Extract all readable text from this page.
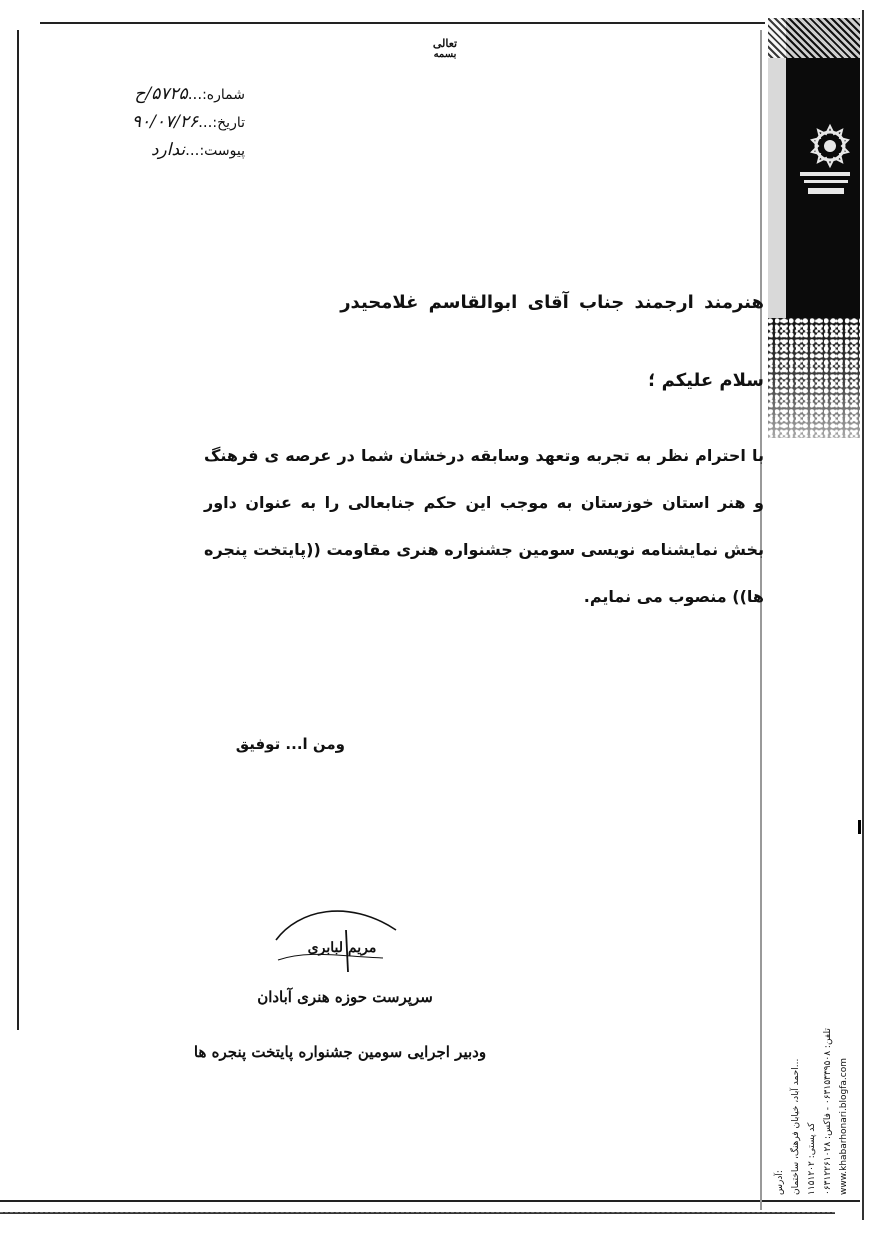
تعالی
بسمه
شماره:...۵۷۲۵/ح
تاریخ:...۹۰/۰۷/۲۶
پیوست:...ندارد
هنرمند ارجمند جناب آقای ابوالقاسم غلامحیدر
سلام علیکم ؛
با احترام نظر به تجربه وتعهد وسابقه درخشان شما در عرصه ی فرهنگ و هنر استان خوزستان به موجب این حکم جنابعالی را به عنوان داور بخش نمایشنامه نویسی سومین جشنواره هنری مقاومت ((پایتخت پنجره ها)) منصوب می نمایم.
ومن ا... توفیق
مریم لبابری
سرپرست حوزه هنری آبادان
ودبیر اجرایی سومین جشنواره پایتخت پنجره ها
آدرس: احمد آباد، خیابان فرهنگ، ساختمان...
کد پستی: ۱۱۵۱۲۰۲ تلفن: ۰۶۳۱۵۳۳۹۵۰۸ - فاکس: ۰۶۳۱۲۲۶۱۰۲۸
www.khabarhonari.blogfa.com
